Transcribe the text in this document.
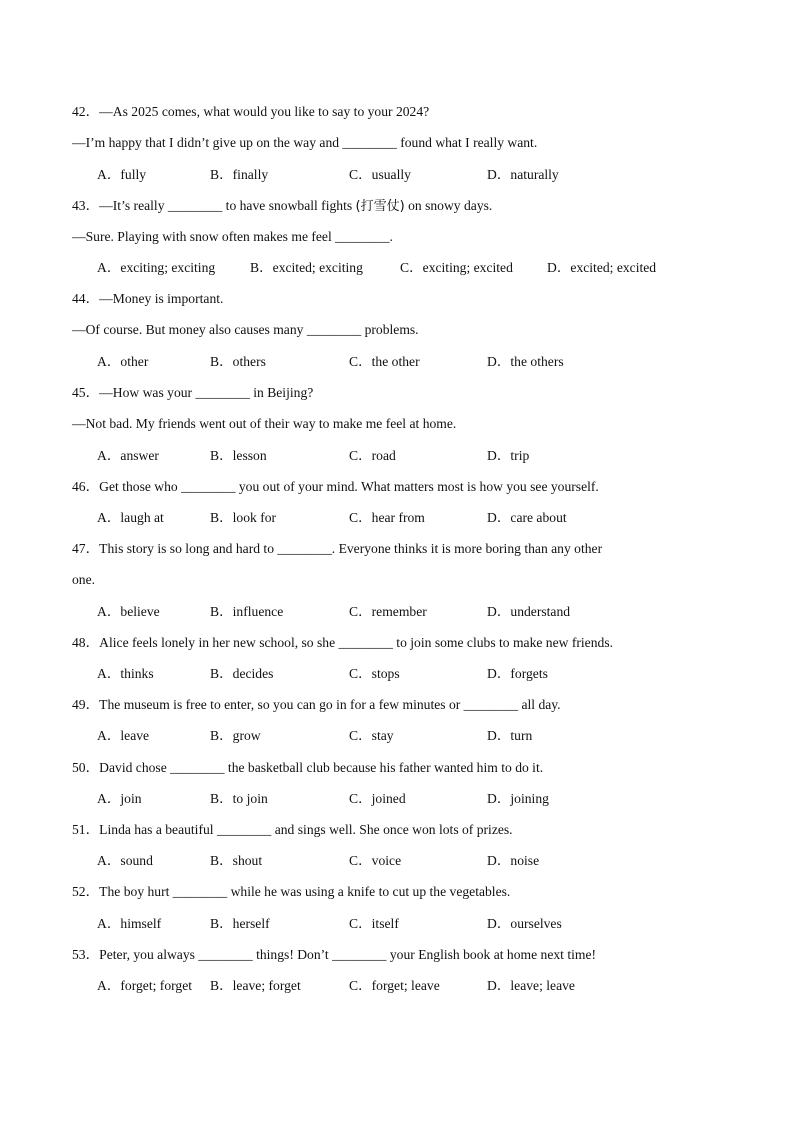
42．—As 2025 comes, what would you like to say to your 2024?
—I’m happy that I didn’t give up on the way and ________ found what I really want.
A．fully	B．finally	C．usually	D．naturally
43．—It’s really ________ to have snowball fights (打雪仗) on snowy days.
—Sure. Playing with snow often makes me feel ________.
A．exciting; exciting	B．excited; exciting	C．exciting; excited	D．excited; excited
44．—Money is important.
—Of course. But money also causes many ________ problems.
A．other	B．others	C．the other	D．the others
45．—How was your ________ in Beijing?
—Not bad. My friends went out of their way to make me feel at home.
A．answer	B．lesson	C．road	D．trip
46．Get those who ________ you out of your mind. What matters most is how you see yourself.
A．laugh at	B．look for	C．hear from	D．care about
47．This story is so long and hard to ________. Everyone thinks it is more boring than any other
one.
A．believe	B．influence	C．remember	D．understand
48．Alice feels lonely in her new school, so she ________ to join some clubs to make new friends.
A．thinks	B．decides	C．stops	D．forgets
49．The museum is free to enter, so you can go in for a few minutes or ________ all day.
A．leave	B．grow	C．stay	D．turn
50．David chose ________ the basketball club because his father wanted him to do it.
A．join	B．to join	C．joined	D．joining
51．Linda has a beautiful ________ and sings well. She once won lots of prizes.
A．sound	B．shout	C．voice	D．noise
52．The boy hurt ________ while he was using a knife to cut up the vegetables.
A．himself	B．herself	C．itself	D．ourselves
53．Peter, you always ________ things! Don’t ________ your English book at home next time!
A．forget; forget B．leave; forget	C．forget; leave	D．leave; leave
